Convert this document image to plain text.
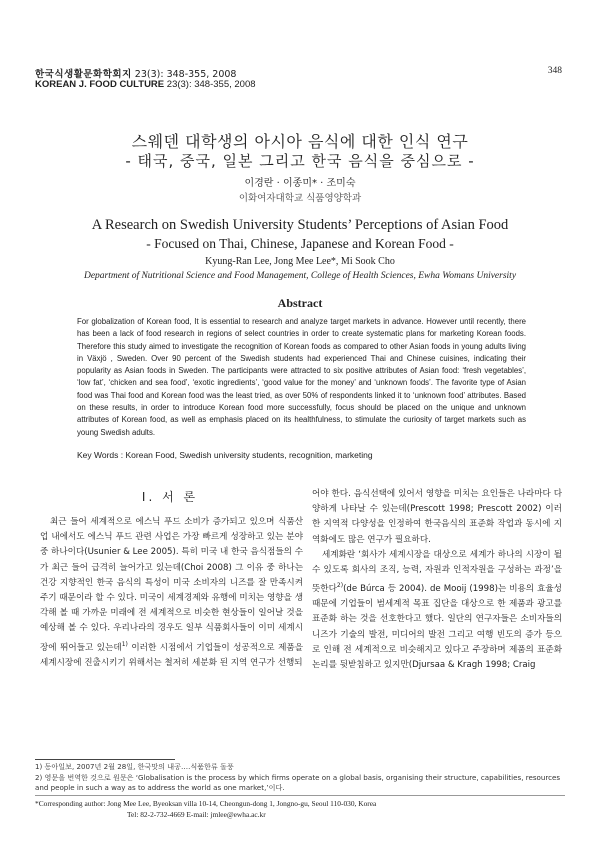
한국식생활문화학회지 23(3): 348-355, 2008
KOREAN J. FOOD CULTURE 23(3): 348-355, 2008
348
스웨덴 대학생의 아시아 음식에 대한 인식 연구
- 태국, 중국, 일본 그리고 한국 음식을 중심으로 -
이경란 · 이종미* · 조미숙
이화여자대학교 식품영양학과
A Research on Swedish University Students’ Perceptions of Asian Food
- Focused on Thai, Chinese, Japanese and Korean Food -
Kyung-Ran Lee, Jong Mee Lee*, Mi Sook Cho
Department of Nutritional Science and Food Management, College of Health Sciences, Ewha Womans University
Abstract
For globalization of Korean food, It is essential to research and analyze target markets in advance. However until recently, there has been a lack of food research in regions of select countries in order to create systematic plans for marketing Korean foods. Therefore this study aimed to investigate the recognition of Korean foods as compared to other Asian foods in young adults living in Växjö , Sweden. Over 90 percent of the Swedish students had experienced Thai and Chinese cuisines, indicating their popularity as Asian foods in Sweden. The participants were attracted to six positive attributes of Asian food: ‘fresh vegetables’, ‘low fat’, ‘chicken and sea food’, ‘exotic ingredients’, ‘good value for the money’ and ‘unknown foods’. The favorite type of Asian food was Thai food and Korean food was the least tried, as over 50% of respondents linked it to ‘unknown food’ attributes. Based on these results, in order to introduce Korean food more successfully, focus should be placed on the unique and unknown attributes of Korean food, as well as emphasis placed on its healthfulness, to stimulate the curiosity of target markets such as young Swedish adults.
Key Words : Korean Food, Swedish university students, recognition, marketing
Ⅰ. 서 론

최근 들어 세계적으로 에스닉 푸드 소비가 증가되고 있으며 식품산업 내에서도 에스닉 푸드 관련 사업은 가장 빠르게 성장하고 있는 분야 중 하나이다(Usunier & Lee 2005). 특히 미국 내 한국 음식점들의 수가 최근 들어 급격히 늘어가고 있는데(Choi 2008) 그 이유 중 하나는 건강 지향적인 한국 음식의 특성이 미국 소비자의 니즈를 잘 만족시켜 주기 때문이라 할 수 있다. 미국이 세계경제와 유행에 미치는 영향을 생각해 볼 때 가까운 미래에 전 세계적으로 비슷한 현상들이 일어날 것을 예상해 볼 수 있다. 우리나라의 경우도 일부 식품회사들이 이미 세계시장에 뛰어들고 있는데$^{1)}$ 이러한 시점에서 기업들이 성공적으로 제품을 세계시장에 진출시키기 위해서는 철저히 세분화 된 지역 연구가 선행되

어야 한다. 음식선택에 있어서 영향을 미치는 요인들은 나라마다 다양하게 나타날 수 있는데(Prescott 1998; Prescott 2002) 이러한 지역적 다양성을 인정하여 한국음식의 표준화 작업과 동시에 지역화에도 많은 연구가 필요하다.

세계화란 ‘회사가 세계시장을 대상으로 세계가 하나의 시장이 될 수 있도록 회사의 조직, 능력, 자원과 인적자원을 구성하는 과정’을 뜻한다$^{2)}$(de Búrca 등 2004). de Mooij (1998)는 비용의 효율성 때문에 기업들이 범세계적 목표 집단을 대상으로 한 제품과 광고를 표준화 하는 것을 선호한다고 했다. 일단의 연구자들은 소비자들의 니즈가 기술의 발전, 미디어의 발전 그리고 여행 빈도의 증가 등으로 인해 전 세계적으로 비슷해지고 있다고 주장하며 제품의 표준화 논리를 뒷받침하고 있지만(Djursaa & Kragh 1998; Craig

1) 동아일보, 2007년 2월 28일, 한국맛의 내공….식품한류 돌풍
2) 영문을 번역한 것으로 원문은 ‘Globalisation is the process by which firms operate on a global basis, organising their structure, capabilities, resources and people in such a way as to address the world as one market,’이다.
*Corresponding author: Jong Mee Lee, Byeoksan villa 10-14, Cheongun-dong 1, Jongno-gu, Seoul 110-030, Korea
Tel: 82-2-732-4669 E-mail: jmlee@ewha.ac.kr
